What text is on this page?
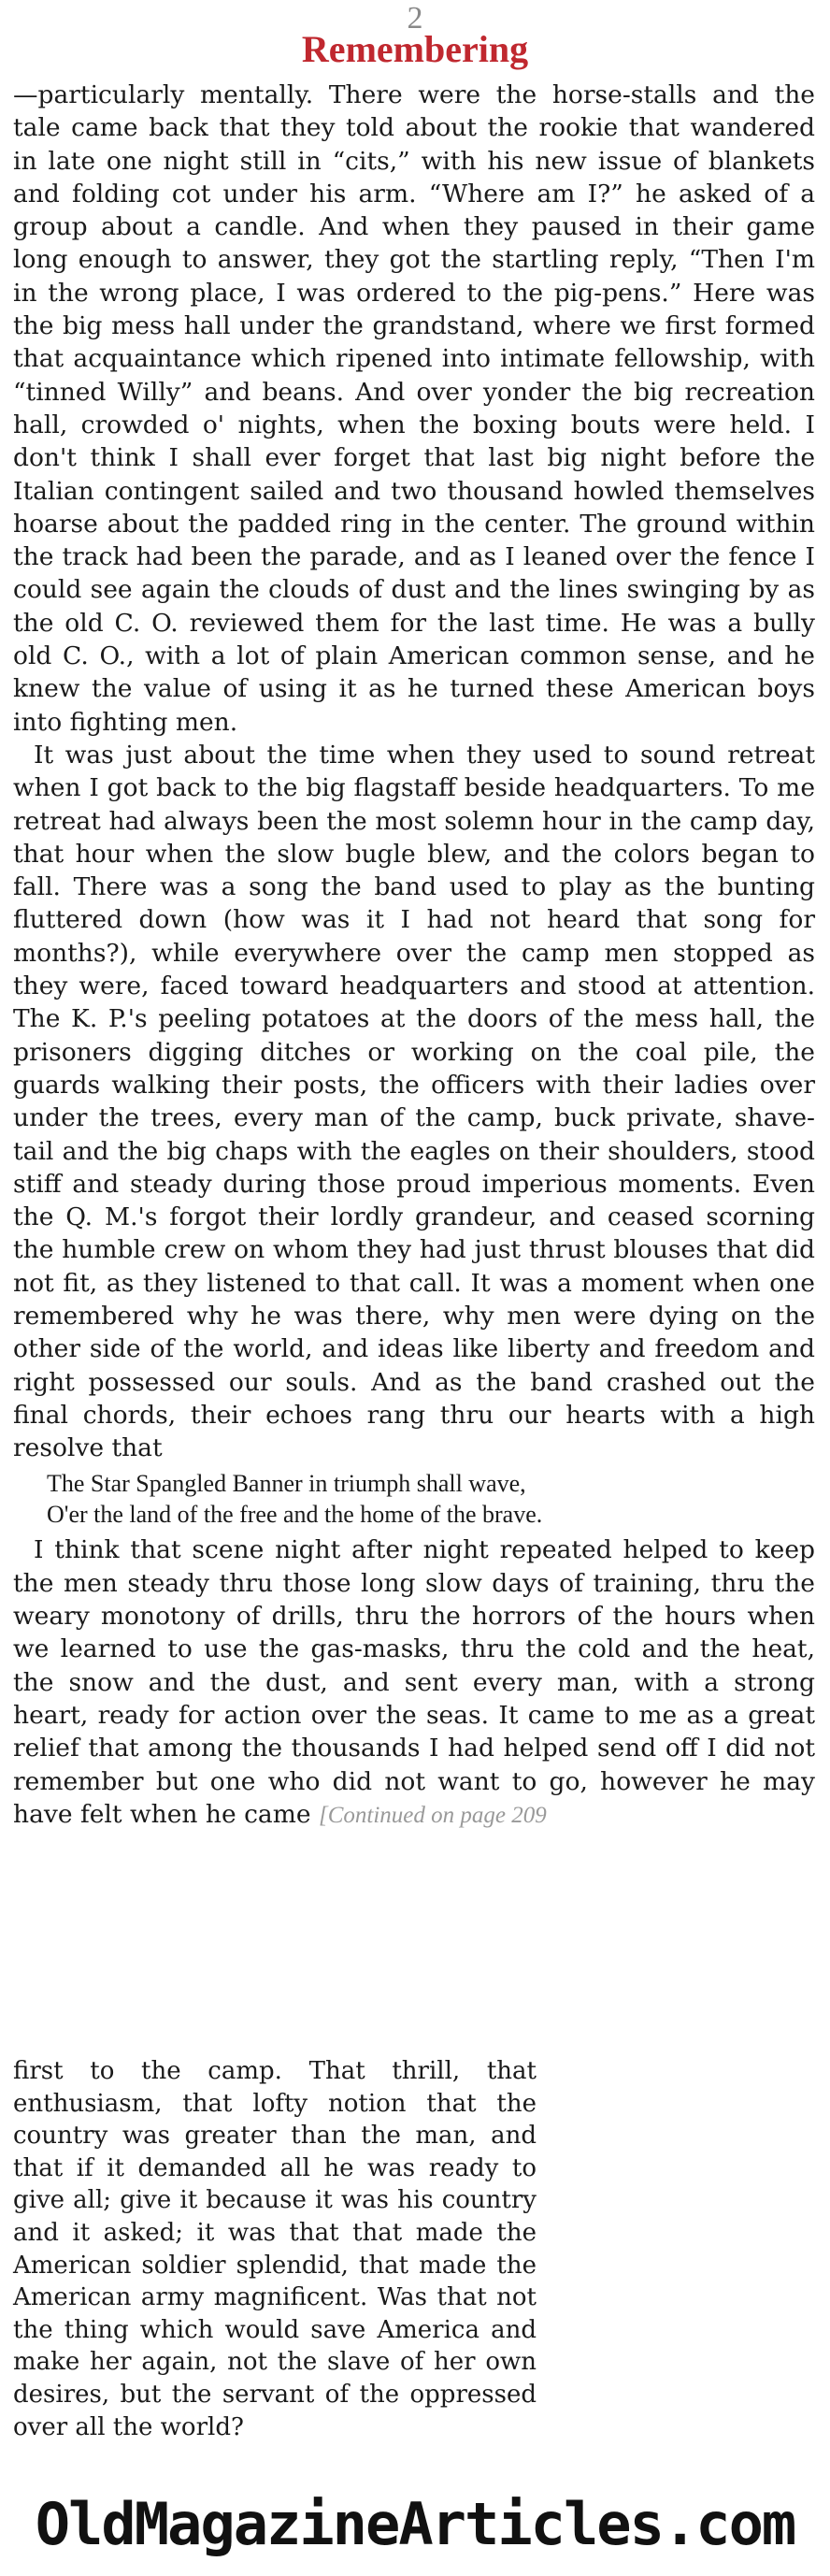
2
Remembering

—particularly mentally. There were the horse-stalls and the tale came back that they told about the rookie that wandered in late one night still in “cits,” with his new issue of blankets and folding cot under his arm. “Where am I?” he asked of a group about a candle. And when they paused in their game long enough to answer, they got the startling reply, “Then I'm in the wrong place, I was ordered to the pig-pens.” Here was the big mess hall under the grandstand, where we first formed that acquaintance which ripened into intimate fellowship, with “tinned Willy” and beans. And over yonder the big recreation hall, crowded o' nights, when the boxing bouts were held. I don't think I shall ever forget that last big night before the Italian contingent sailed and two thousand howled themselves hoarse about the padded ring in the center. The ground within the track had been the parade, and as I leaned over the fence I could see again the clouds of dust and the lines swinging by as the old C. O. reviewed them for the last time. He was a bully old C. O., with a lot of plain American common sense, and he knew the value of using it as he turned these American boys into fighting men.

It was just about the time when they used to sound retreat when I got back to the big flagstaff beside headquarters. To me retreat had always been the most solemn hour in the camp day, that hour when the slow bugle blew, and the colors began to fall. There was a song the band used to play as the bunting fluttered down (how was it I had not heard that song for months?), while everywhere over the camp men stopped as they were, faced toward headquarters and stood at attention. The K. P.'s peeling potatoes at the doors of the mess hall, the prisoners digging ditches or working on the coal pile, the guards walking their posts, the officers with their ladies over under the trees, every man of the camp, buck private, shave-tail and the big chaps with the eagles on their shoulders, stood stiff and steady during those proud imperious moments. Even the Q. M.'s forgot their lordly grandeur, and ceased scorning the humble crew on whom they had just thrust blouses that did not fit, as they listened to that call. It was a moment when one remembered why he was there, why men were dying on the other side of the world, and ideas like liberty and freedom and right possessed our souls. And as the band crashed out the final chords, their echoes rang thru our hearts with a high resolve that

The Star Spangled Banner in triumph shall wave,
O'er the land of the free and the home of the brave.

I think that scene night after night repeated helped to keep the men steady thru those long slow days of training, thru the weary monotony of drills, thru the horrors of the hours when we learned to use the gas-masks, thru the cold and the heat, the snow and the dust, and sent every man, with a strong heart, ready for action over the seas. It came to me as a great relief that among the thousands I had helped send off I did not remember but one who did not want to go, however he may have felt when he came [Continued on page 209

first to the camp. That thrill, that enthusiasm, that lofty notion that the country was greater than the man, and that if it demanded all he was ready to give all; give it because it was his country and it asked; it was that that made the American soldier splendid, that made the American army magnificent. Was that not the thing which would save America and make her again, not the slave of her own desires, but the servant of the oppressed over all the world?

OldMagazineArticles.com
